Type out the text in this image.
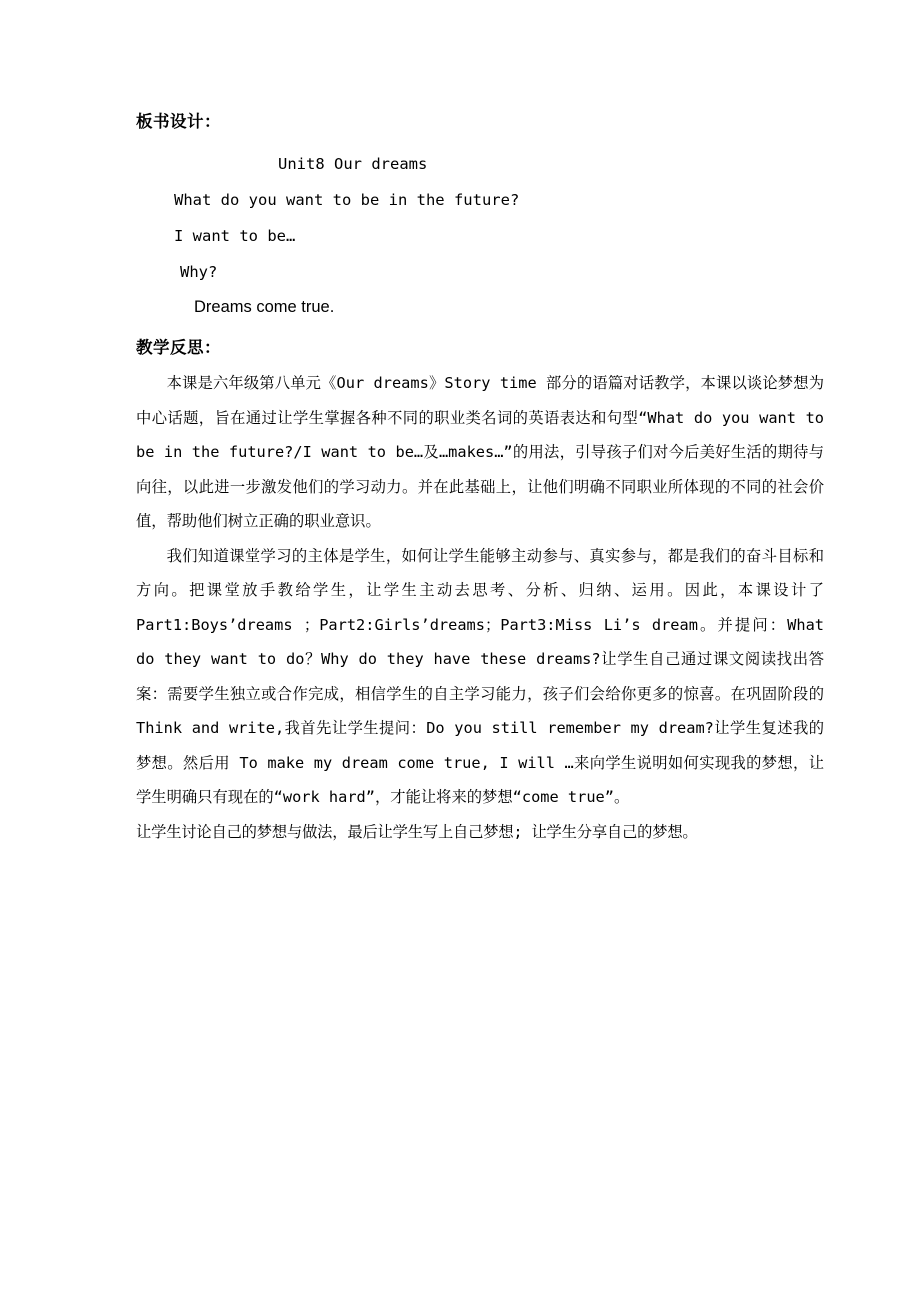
板书设计：
Unit8 Our dreams
What do you want to be in the future?
I want to be…
Why?
Dreams come true.
教学反思：

本课是六年级第八单元《Our dreams》Story time 部分的语篇对话教学，本课以谈论梦想为中心话题，旨在通过让学生掌握各种不同的职业类名词的英语表达和句型“What do you want to be in the future?/I want to be…及…makes…”的用法，引导孩子们对今后美好生活的期待与向往，以此进一步激发他们的学习动力。并在此基础上，让他们明确不同职业所体现的不同的社会价值，帮助他们树立正确的职业意识。

我们知道课堂学习的主体是学生，如何让学生能够主动参与、真实参与，都是我们的奋斗目标和方向。把课堂放手教给学生，让学生主动去思考、分析、归纳、运用。因此，本课设计了 Part1:Boys’dreams ；Part2:Girls’dreams；Part3:Miss Li’s dream。并提问：What do they want to do？Why do they have these dreams?让学生自己通过课文阅读找出答案：需要学生独立或合作完成，相信学生的自主学习能力，孩子们会给你更多的惊喜。在巩固阶段的 Think and write,我首先让学生提问：Do you still remember my dream?让学生复述我的梦想。然后用 To make my dream come true, I will …来向学生说明如何实现我的梦想，让学生明确只有现在的“work hard”，才能让将来的梦想“come true”。

让学生讨论自己的梦想与做法，最后让学生写上自己梦想; 让学生分享自己的梦想。
